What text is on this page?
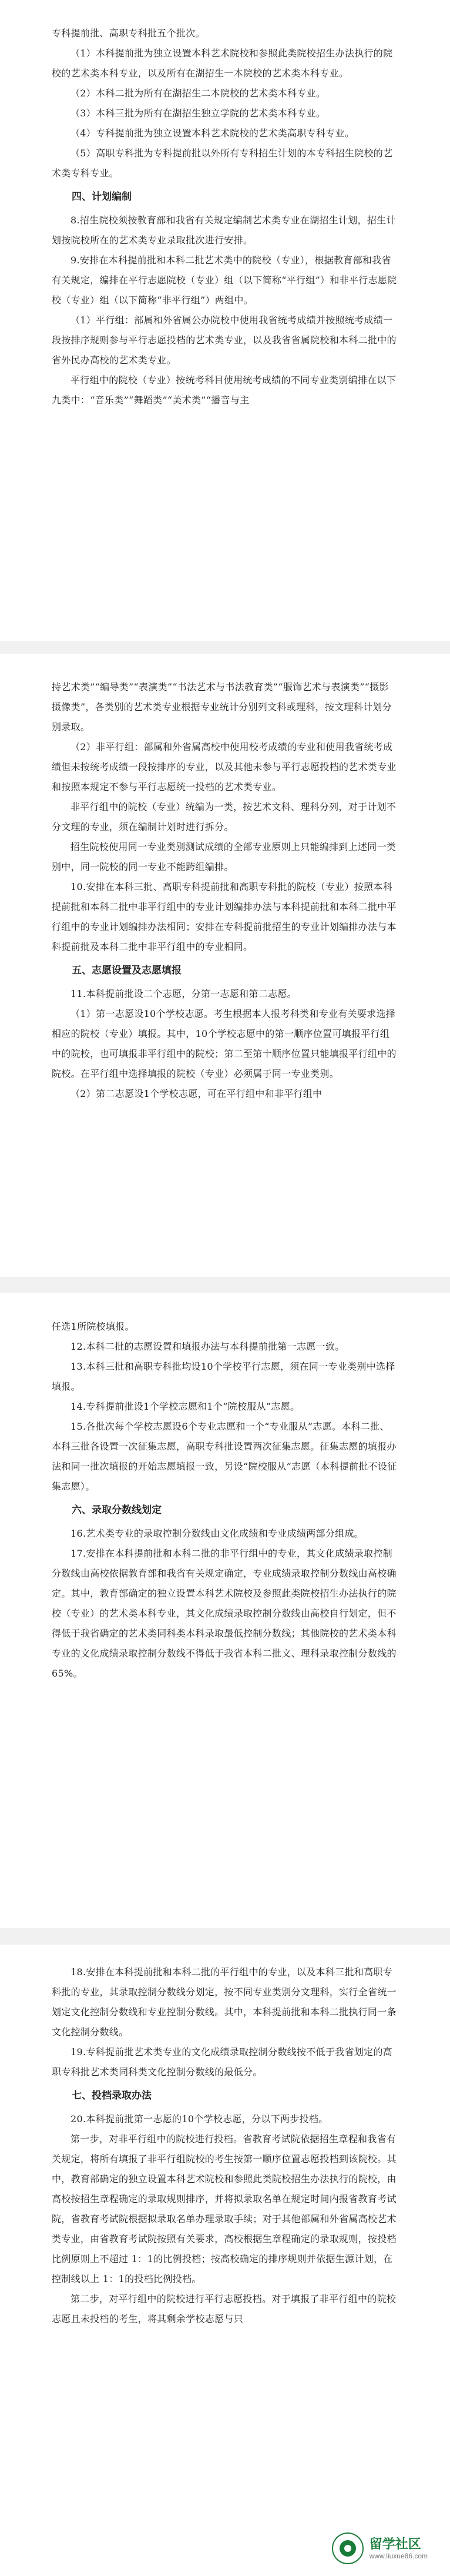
专科提前批、高职专科批五个批次。

（1）本科提前批为独立设置本科艺术院校和参照此类院校招生办法执行的院校的艺术类本科专业，以及所有在湖招生一本院校的艺术类本科专业。

（2）本科二批为所有在湖招生二本院校的艺术类本科专业。

（3）本科三批为所有在湖招生独立学院的艺术类本科专业。

（4）专科提前批为独立设置本科艺术院校的艺术类高职专科专业。

（5）高职专科批为专科提前批以外所有专科招生计划的本专科招生院校的艺术类专科专业。

四、计划编制

8.招生院校须按教育部和我省有关规定编制艺术类专业在湖招生计划，招生计划按院校所在的艺术类专业录取批次进行安排。

9.安排在本科提前批和本科二批艺术类中的院校（专业），根据教育部和我省有关规定，编排在平行志愿院校（专业）组（以下简称“平行组”）和非平行志愿院校（专业）组（以下简称“非平行组”）两组中。

（1）平行组：部属和外省属公办院校中使用我省统考成绩并按照统考成绩一段按排序规则参与平行志愿投档的艺术类专业，以及我省省属院校和本科二批中的省外民办高校的艺术类专业。

平行组中的院校（专业）按统考科目使用统考成绩的不同专业类别编排在以下九类中：“音乐类”“舞蹈类”“美术类”“播音与主

持艺术类”“编导类”“表演类”“书法艺术与书法教育类”“服饰艺术与表演类”“摄影摄像类”，各类别的艺术类专业根据专业统计分别列文科或理科，按文理科计划分别录取。

（2）非平行组：部属和外省属高校中使用校考成绩的专业和使用我省统考成绩但未按统考成绩一段按排序的专业，以及其他未参与平行志愿投档的艺术类专业和按照本规定不参与平行志愿统一投档的艺术类专业。

非平行组中的院校（专业）统编为一类，按艺术文科、理科分列，对于计划不分文理的专业，须在编制计划时进行拆分。

招生院校使用同一专业类别测试成绩的全部专业原则上只能编排到上述同一类别中，同一院校的同一专业不能跨组编排。

10.安排在本科三批、高职专科提前批和高职专科批的院校（专业）按照本科提前批和本科二批中非平行组中的专业计划编排办法与本科提前批和本科二批中平行组中的专业计划编排办法相同；安排在专科提前批招生的专业计划编排办法与本科提前批及本科二批中非平行组中的专业相同。

五、志愿设置及志愿填报

11.本科提前批设二个志愿，分第一志愿和第二志愿。

（1）第一志愿设10个学校志愿。考生根据本人报考科类和专业有关要求选择相应的院校（专业）填报。其中，10个学校志愿中的第一顺序位置可填报平行组中的院校，也可填报非平行组中的院校；第二至第十顺序位置只能填报平行组中的院校。在平行组中选择填报的院校（专业）必须属于同一专业类别。

（2）第二志愿设1个学校志愿，可在平行组中和非平行组中

任选1所院校填报。

12.本科二批的志愿设置和填报办法与本科提前批第一志愿一致。

13.本科三批和高职专科批均设10个学校平行志愿，须在同一专业类别中选择填报。

14.专科提前批设1个学校志愿和1个“院校服从”志愿。

15.各批次每个学校志愿设6个专业志愿和一个“专业服从”志愿。本科二批、本科三批各设置一次征集志愿，高职专科批设置两次征集志愿。征集志愿的填报办法和同一批次填报的开始志愿填报一致，另设“院校服从”志愿（本科提前批不设征集志愿）。

六、录取分数线划定

16.艺术类专业的录取控制分数线由文化成绩和专业成绩两部分组成。

17.安排在本科提前批和本科二批的非平行组中的专业，其文化成绩录取控制分数线由高校依据教育部和我省有关规定确定，专业成绩录取控制分数线由高校确定。其中，教育部确定的独立设置本科艺术院校及参照此类院校招生办法执行的院校（专业）的艺术类本科专业，其文化成绩录取控制分数线由高校自行划定，但不得低于我省确定的艺术类同科类本科录取最低控制分数线；其他院校的艺术类本科专业的文化成绩录取控制分数线不得低于我省本科二批文、理科录取控制分数线的65%。

18.安排在本科提前批和本科二批的平行组中的专业，以及本科三批和高职专科批的专业，其录取控制分数线分划定，按不同专业类别分文理科，实行全省统一划定文化控制分数线和专业控制分数线。其中，本科提前批和本科二批执行同一条文化控制分数线。

19.专科提前批艺术类专业的文化成绩录取控制分数线按不低于我省划定的高职专科批艺术类同科类文化控制分数线的最低分。

七、投档录取办法

20.本科提前批第一志愿的10个学校志愿，分以下两步投档。

第一步，对非平行组中的院校进行投档。省教育考试院依据招生章程和我省有关规定，将所有填报了非平行组院校的考生按第一顺序位置志愿投档到该院校。其中，教育部确定的独立设置本科艺术院校和参照此类院校招生办法执行的院校，由高校按招生章程确定的录取规则排序，并将拟录取名单在规定时间内报省教育考试院，省教育考试院根据拟录取名单办理录取手续；对于其他部属和外省属高校艺术类专业，由省教育考试院按照有关要求，高校根据生章程确定的录取规则，按投档比例原则上不超过 1：1的比例投档；按高校确定的排序规则并依据生源计划，在控制线以上 1：1的投档比例投档。

第二步，对平行组中的院校进行平行志愿投档。对于填报了非平行组中的院校志愿且未投档的考生，将其剩余学校志愿与只

留学社区
www.liuxue86.com
